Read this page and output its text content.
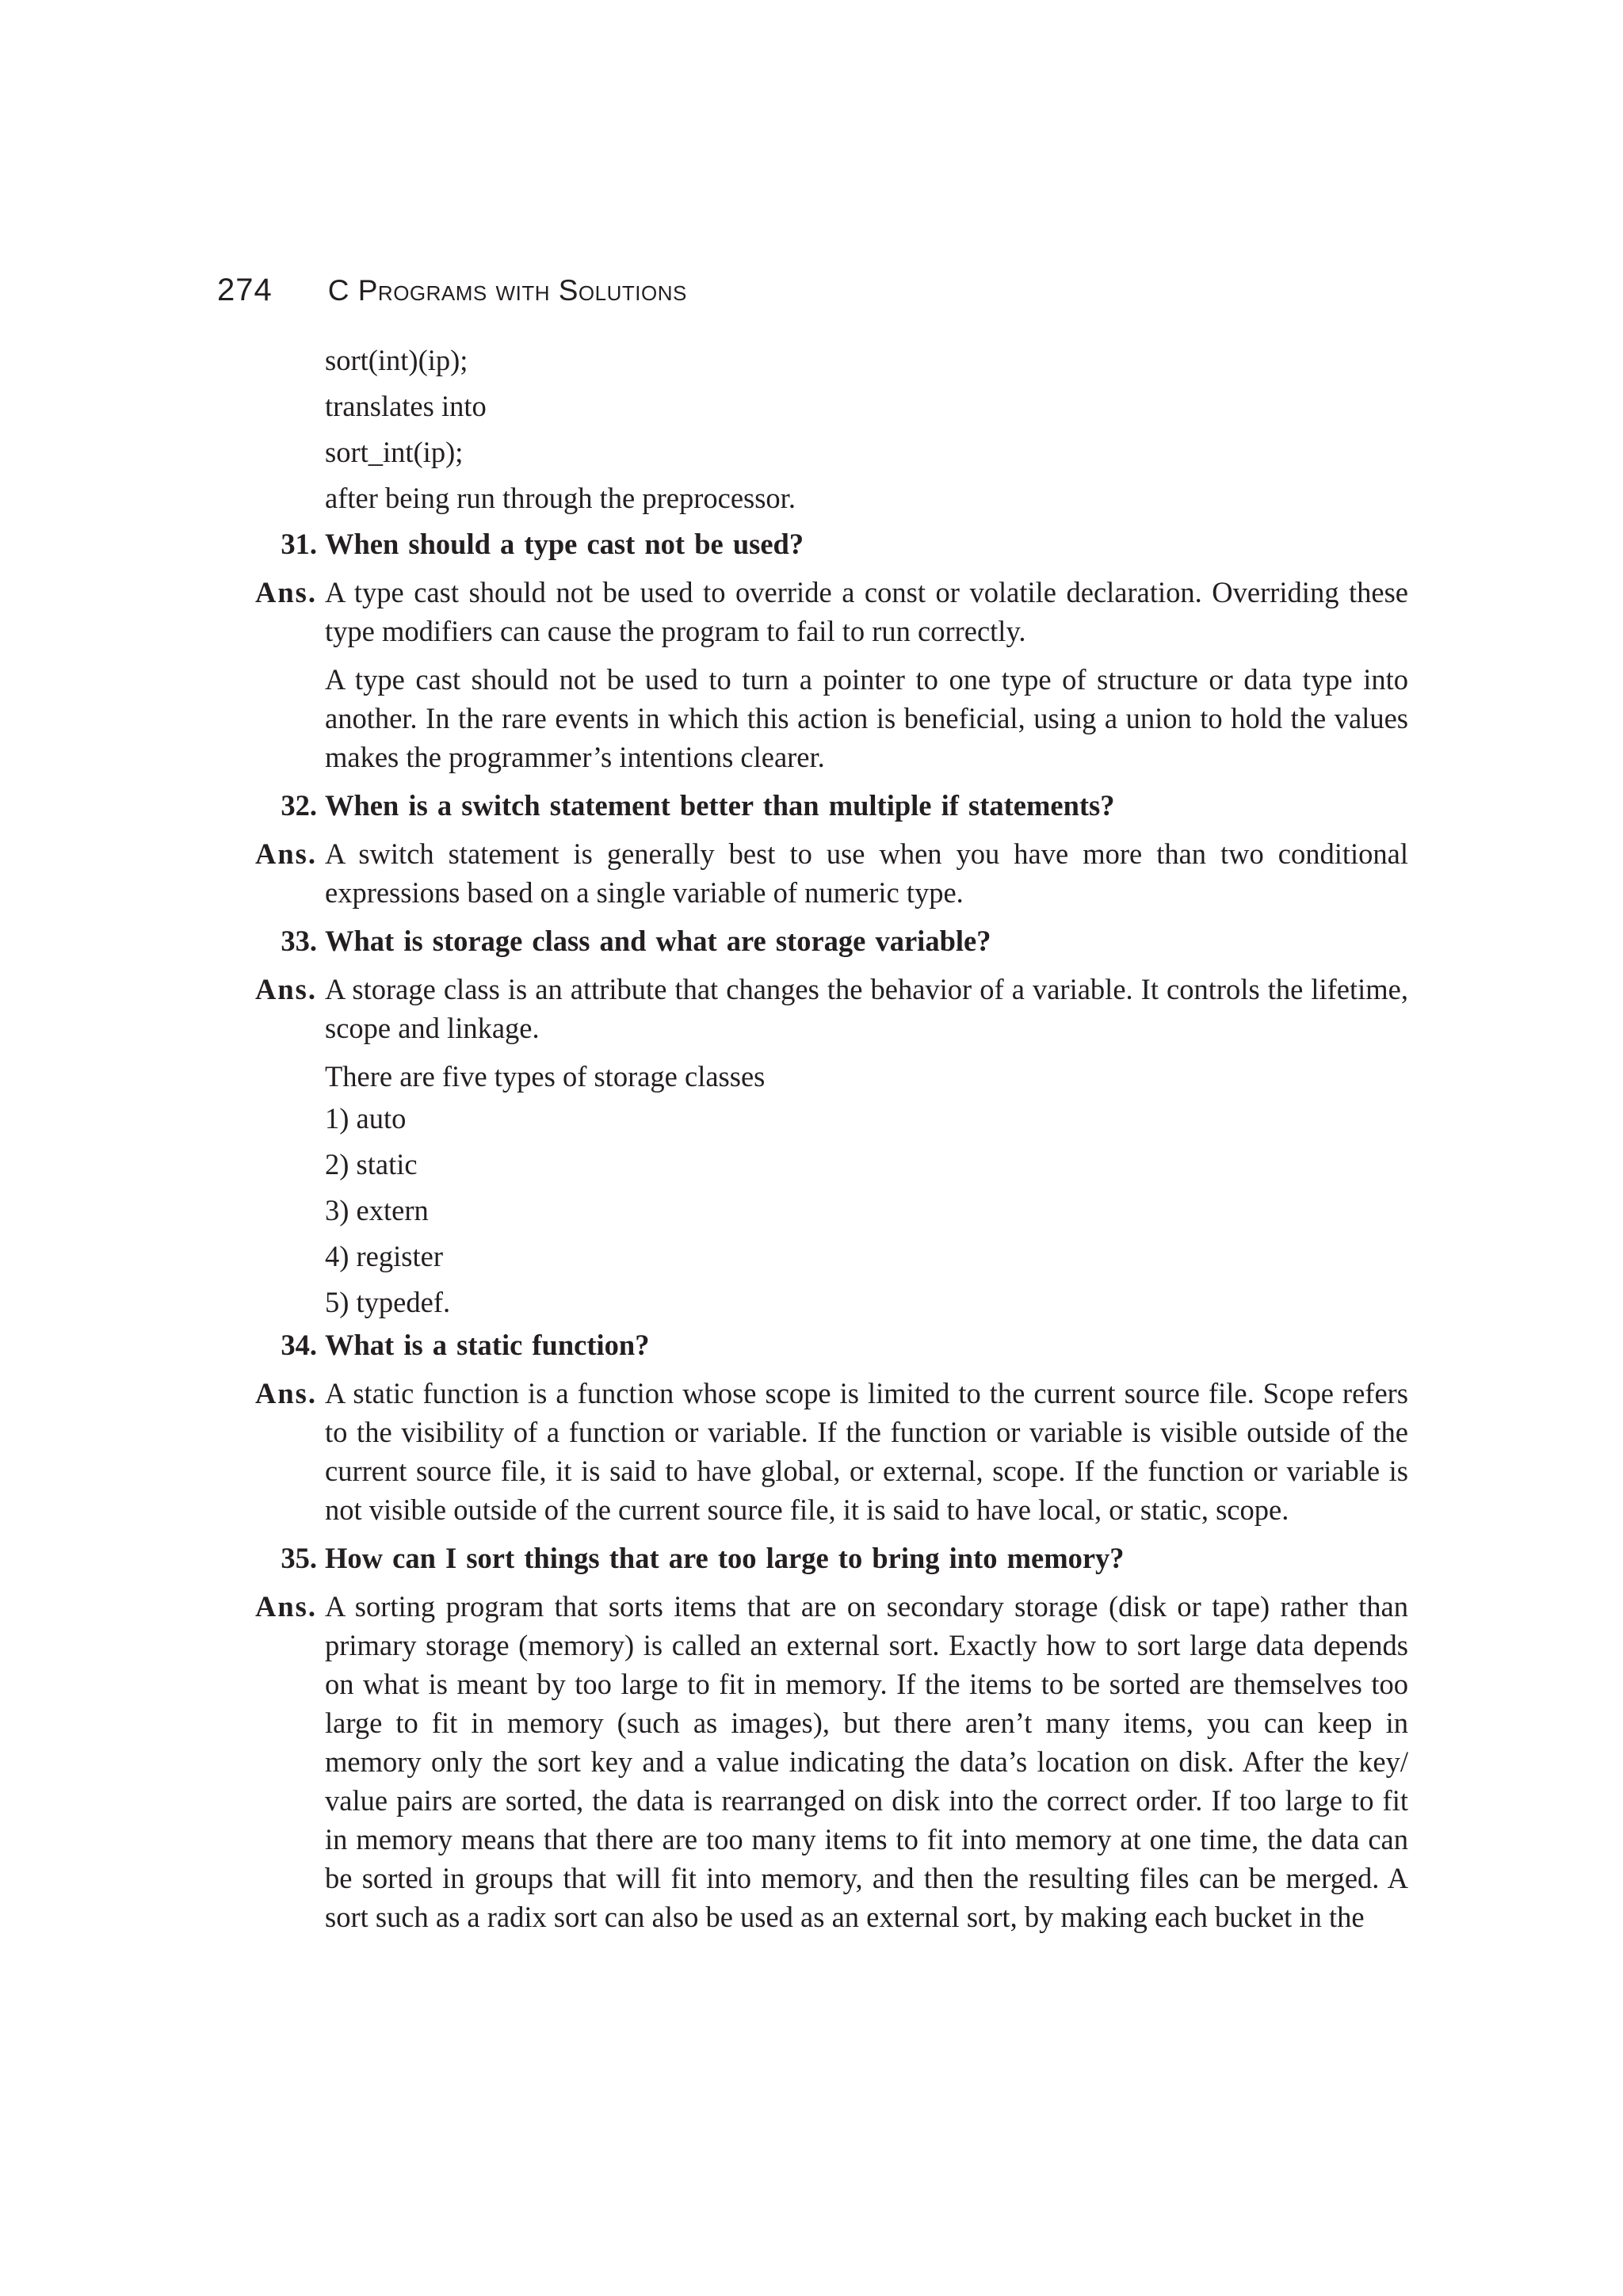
274 C Programs with Solutions
sort(int)(ip);
translates into
sort_int(ip);
after being run through the preprocessor.
31. When should a type cast not be used?
Ans. A type cast should not be used to override a const or volatile declaration. Overriding these type modifiers can cause the program to fail to run correctly.
A type cast should not be used to turn a pointer to one type of structure or data type into another. In the rare events in which this action is beneficial, using a union to hold the values makes the programmer’s intentions clearer.
32. When is a switch statement better than multiple if statements?
Ans. A switch statement is generally best to use when you have more than two conditional expressions based on a single variable of numeric type.
33. What is storage class and what are storage variable?
Ans. A storage class is an attribute that changes the behavior of a variable. It controls the lifetime, scope and linkage.
There are five types of storage classes
1) auto
2) static
3) extern
4) register
5) typedef.
34. What is a static function?
Ans. A static function is a function whose scope is limited to the current source file. Scope refers to the visibility of a function or variable. If the function or variable is visible outside of the current source file, it is said to have global, or external, scope. If the function or variable is not visible outside of the current source file, it is said to have local, or static, scope.
35. How can I sort things that are too large to bring into memory?
Ans. A sorting program that sorts items that are on secondary storage (disk or tape) rather than primary storage (memory) is called an external sort. Exactly how to sort large data depends on what is meant by too large to fit in memory. If the items to be sorted are themselves too large to fit in memory (such as images), but there aren’t many items, you can keep in memory only the sort key and a value indicating the data’s location on disk. After the key/ value pairs are sorted, the data is rearranged on disk into the correct order. If too large to fit in memory means that there are too many items to fit into memory at one time, the data can be sorted in groups that will fit into memory, and then the resulting files can be merged. A sort such as a radix sort can also be used as an external sort, by making each bucket in the
